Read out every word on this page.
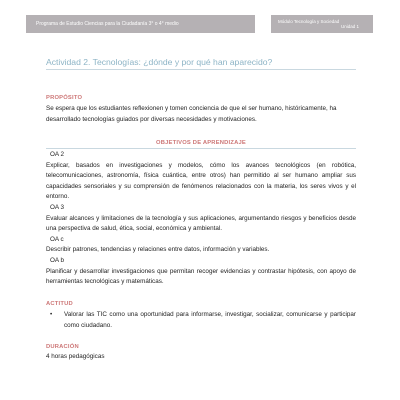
Programa de Estudio Ciencias para la Ciudadanía 3° o 4° medio	Módulo Tecnología y Sociedad
Unidad 1
Actividad 2. Tecnologías: ¿dónde y por qué han aparecido?
PROPÓSITO
Se espera que los estudiantes reflexionen y tomen conciencia de que el ser humano, históricamente, ha desarrollado tecnologías guiados por diversas necesidades y motivaciones.
OBJETIVOS DE APRENDIZAJE
OA 2
Explicar, basados en investigaciones y modelos, cómo los avances tecnológicos (en robótica, telecomunicaciones, astronomía, física cuántica, entre otros) han permitido al ser humano ampliar sus capacidades sensoriales y su comprensión de fenómenos relacionados con la materia, los seres vivos y el entorno.
OA 3
Evaluar alcances y limitaciones de la tecnología y sus aplicaciones, argumentando riesgos y beneficios desde una perspectiva de salud, ética, social, económica y ambiental.
OA c
Describir patrones, tendencias y relaciones entre datos, información y variables.
OA b
Planificar y desarrollar investigaciones que permitan recoger evidencias y contrastar hipótesis, con apoyo de herramientas tecnológicas y matemáticas.
ACTITUD
•	Valorar las TIC como una oportunidad para informarse, investigar, socializar, comunicarse y participar como ciudadano.
DURACIÓN
4 horas pedagógicas
